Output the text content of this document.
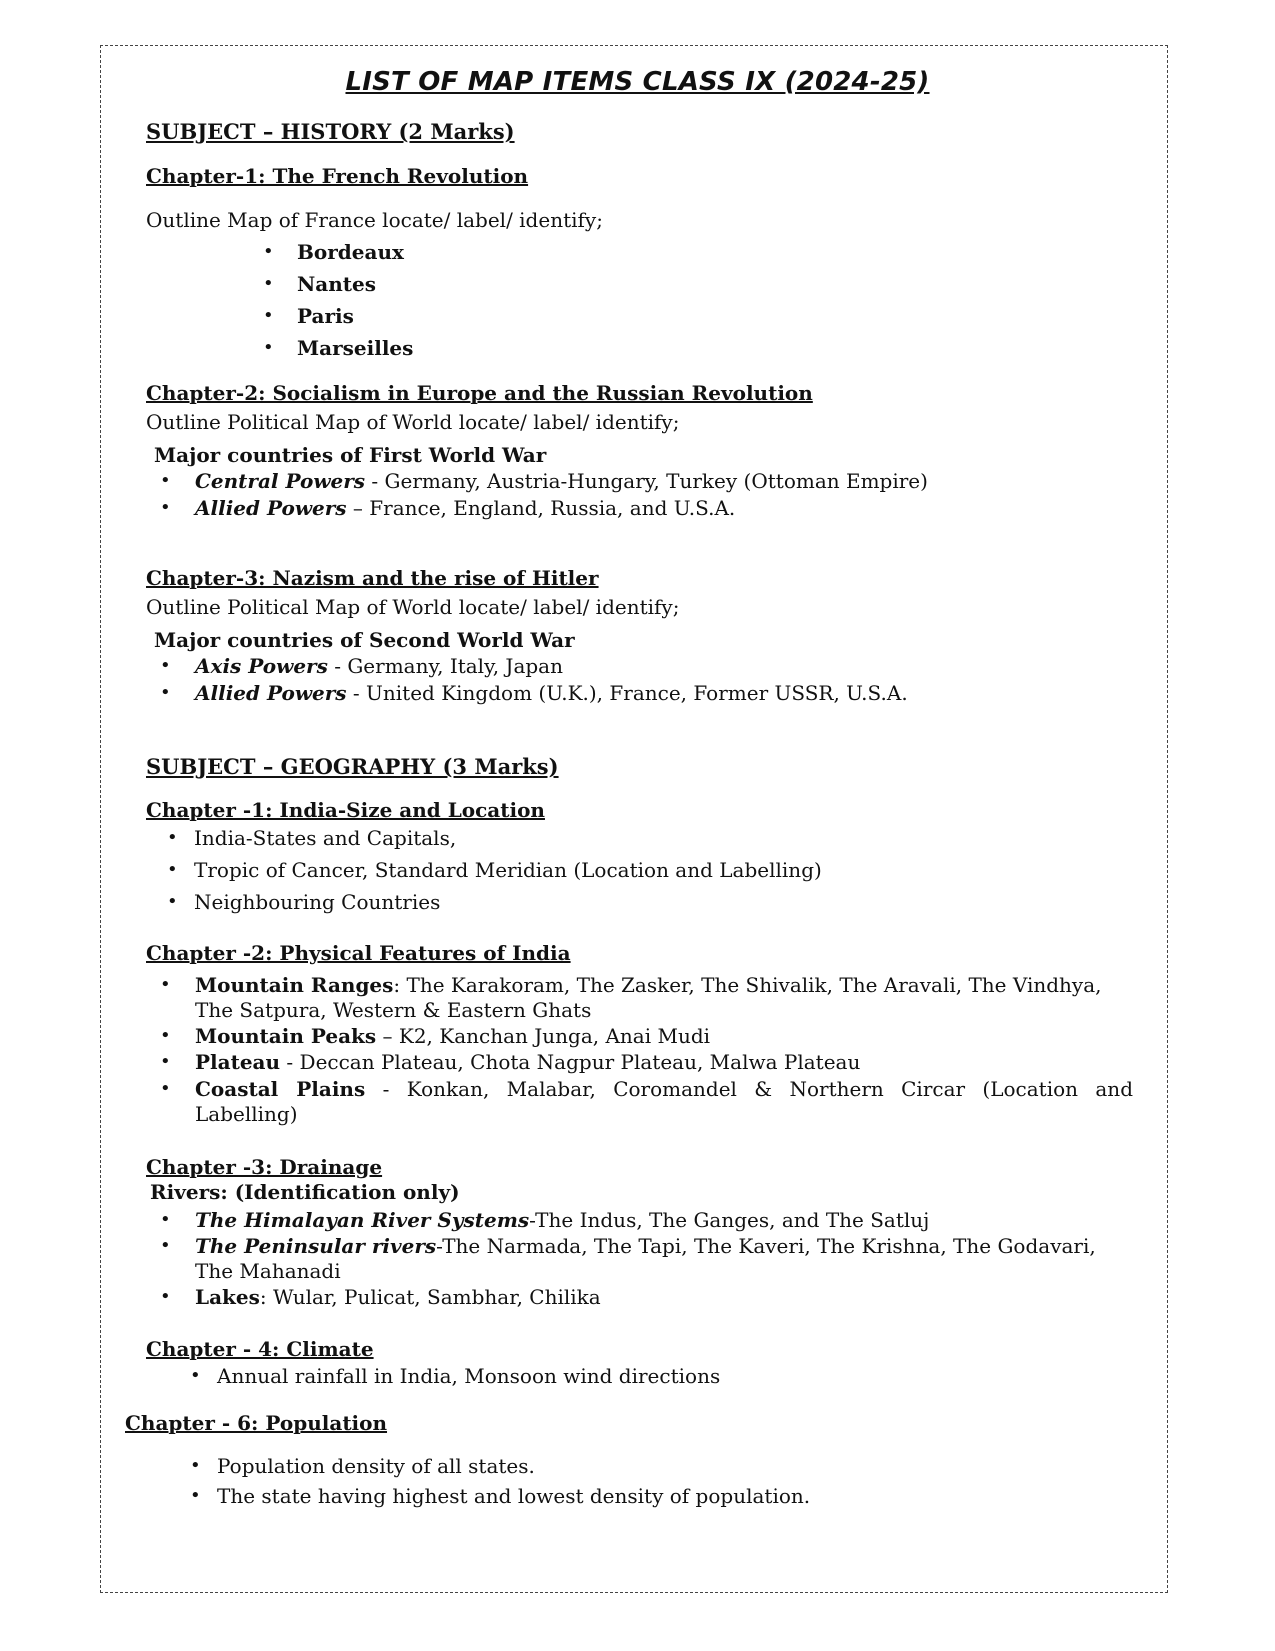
LIST OF MAP ITEMS CLASS IX (2024-25)
SUBJECT – HISTORY (2 Marks)
Chapter-1: The French Revolution
Outline Map of France locate/ label/ identify;
• Bordeaux
• Nantes
• Paris
• Marseilles
Chapter-2: Socialism in Europe and the Russian Revolution
Outline Political Map of World locate/ label/ identify;
Major countries of First World War
• Central Powers - Germany, Austria-Hungary, Turkey (Ottoman Empire)
• Allied Powers – France, England, Russia, and U.S.A.
Chapter-3: Nazism and the rise of Hitler
Outline Political Map of World locate/ label/ identify;
Major countries of Second World War
• Axis Powers - Germany, Italy, Japan
• Allied Powers - United Kingdom (U.K.), France, Former USSR, U.S.A.
SUBJECT – GEOGRAPHY (3 Marks)
Chapter -1: India-Size and Location
• India-States and Capitals,
• Tropic of Cancer, Standard Meridian (Location and Labelling)
• Neighbouring Countries
Chapter -2: Physical Features of India
• Mountain Ranges: The Karakoram, The Zasker, The Shivalik, The Aravali, The Vindhya,
The Satpura, Western & Eastern Ghats
• Mountain Peaks – K2, Kanchan Junga, Anai Mudi
• Plateau - Deccan Plateau, Chota Nagpur Plateau, Malwa Plateau
• Coastal Plains - Konkan, Malabar, Coromandel & Northern Circar (Location and
Labelling)
Chapter -3: Drainage
Rivers: (Identification only)
• The Himalayan River Systems-The Indus, The Ganges, and The Satluj
• The Peninsular rivers-The Narmada, The Tapi, The Kaveri, The Krishna, The Godavari,
The Mahanadi
• Lakes: Wular, Pulicat, Sambhar, Chilika
Chapter - 4: Climate
• Annual rainfall in India, Monsoon wind directions
Chapter - 6: Population
• Population density of all states.
• The state having highest and lowest density of population.
